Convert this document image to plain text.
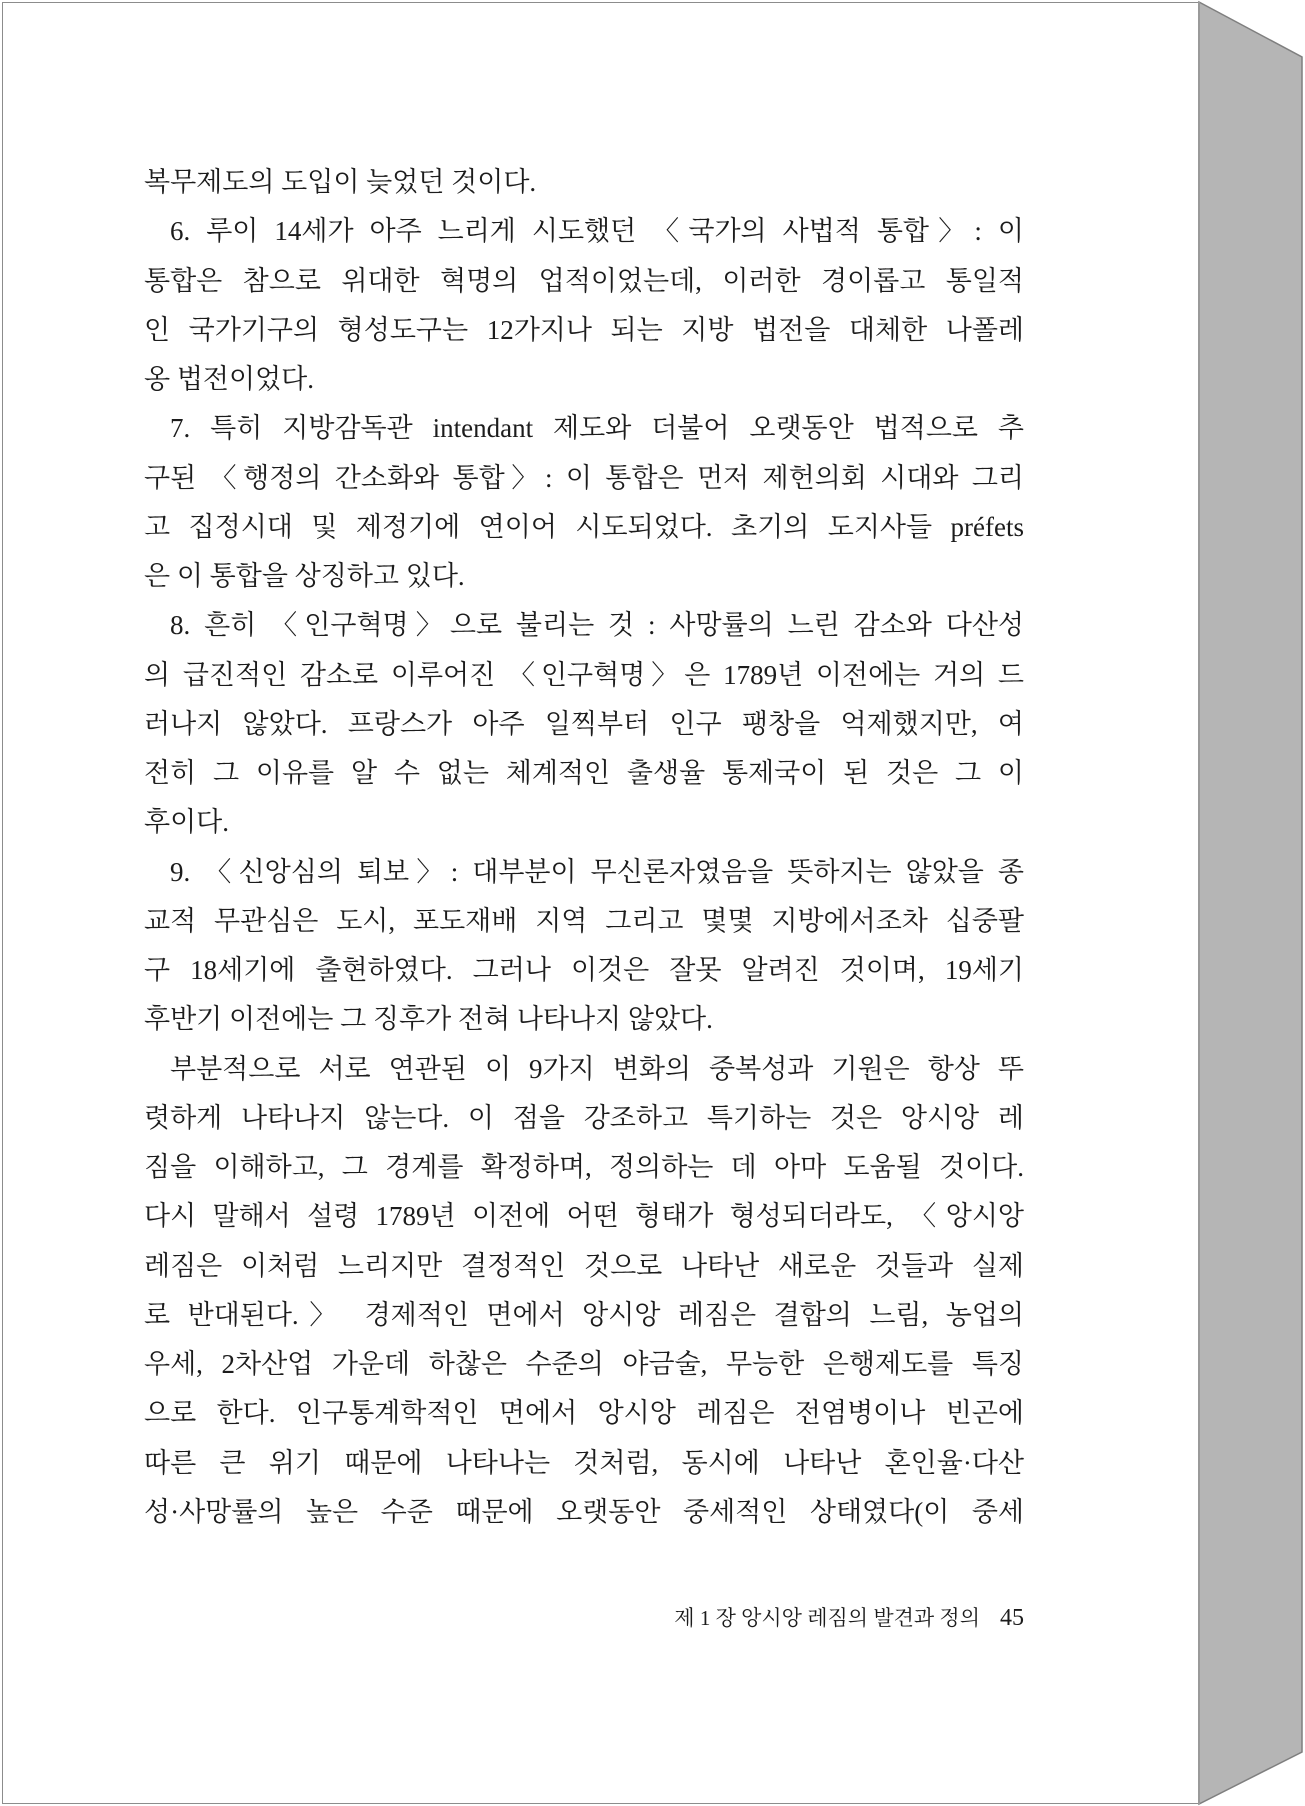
복무제도의 도입이 늦었던 것이다.
6. 루이 14세가 아주 느리게 시도했던 〈국가의 사법적 통합〉: 이
통합은 참으로 위대한 혁명의 업적이었는데, 이러한 경이롭고 통일적
인 국가기구의 형성도구는 12가지나 되는 지방 법전을 대체한 나폴레
옹 법전이었다.
7. 특히 지방감독관 intendant 제도와 더불어 오랫동안 법적으로 추
구된 〈행정의 간소화와 통합〉: 이 통합은 먼저 제헌의회 시대와 그리
고 집정시대 및 제정기에 연이어 시도되었다. 초기의 도지사들 préfets
은 이 통합을 상징하고 있다.
8. 흔히 〈인구혁명〉으로 불리는 것 : 사망률의 느린 감소와 다산성
의 급진적인 감소로 이루어진 〈인구혁명〉은 1789년 이전에는 거의 드
러나지 않았다. 프랑스가 아주 일찍부터 인구 팽창을 억제했지만, 여
전히 그 이유를 알 수 없는 체계적인 출생율 통제국이 된 것은 그 이
후이다.
9. 〈신앙심의 퇴보〉: 대부분이 무신론자였음을 뜻하지는 않았을 종
교적 무관심은 도시, 포도재배 지역 그리고 몇몇 지방에서조차 십중팔
구 18세기에 출현하였다. 그러나 이것은 잘못 알려진 것이며, 19세기
후반기 이전에는 그 징후가 전혀 나타나지 않았다.
부분적으로 서로 연관된 이 9가지 변화의 중복성과 기원은 항상 뚜
렷하게 나타나지 않는다. 이 점을 강조하고 특기하는 것은 앙시앙 레
짐을 이해하고, 그 경계를 확정하며, 정의하는 데 아마 도움될 것이다.
다시 말해서 설령 1789년 이전에 어떤 형태가 형성되더라도, 〈앙시앙
레짐은 이처럼 느리지만 결정적인 것으로 나타난 새로운 것들과 실제
로 반대된다.〉 경제적인 면에서 앙시앙 레짐은 결합의 느림, 농업의
우세, 2차산업 가운데 하찮은 수준의 야금술, 무능한 은행제도를 특징
으로 한다. 인구통계학적인 면에서 앙시앙 레짐은 전염병이나 빈곤에
따른 큰 위기 때문에 나타나는 것처럼, 동시에 나타난 혼인율·다산
성·사망률의 높은 수준 때문에 오랫동안 중세적인 상태였다(이 중세
제 1 장 앙시앙 레짐의 발견과 정의 45
